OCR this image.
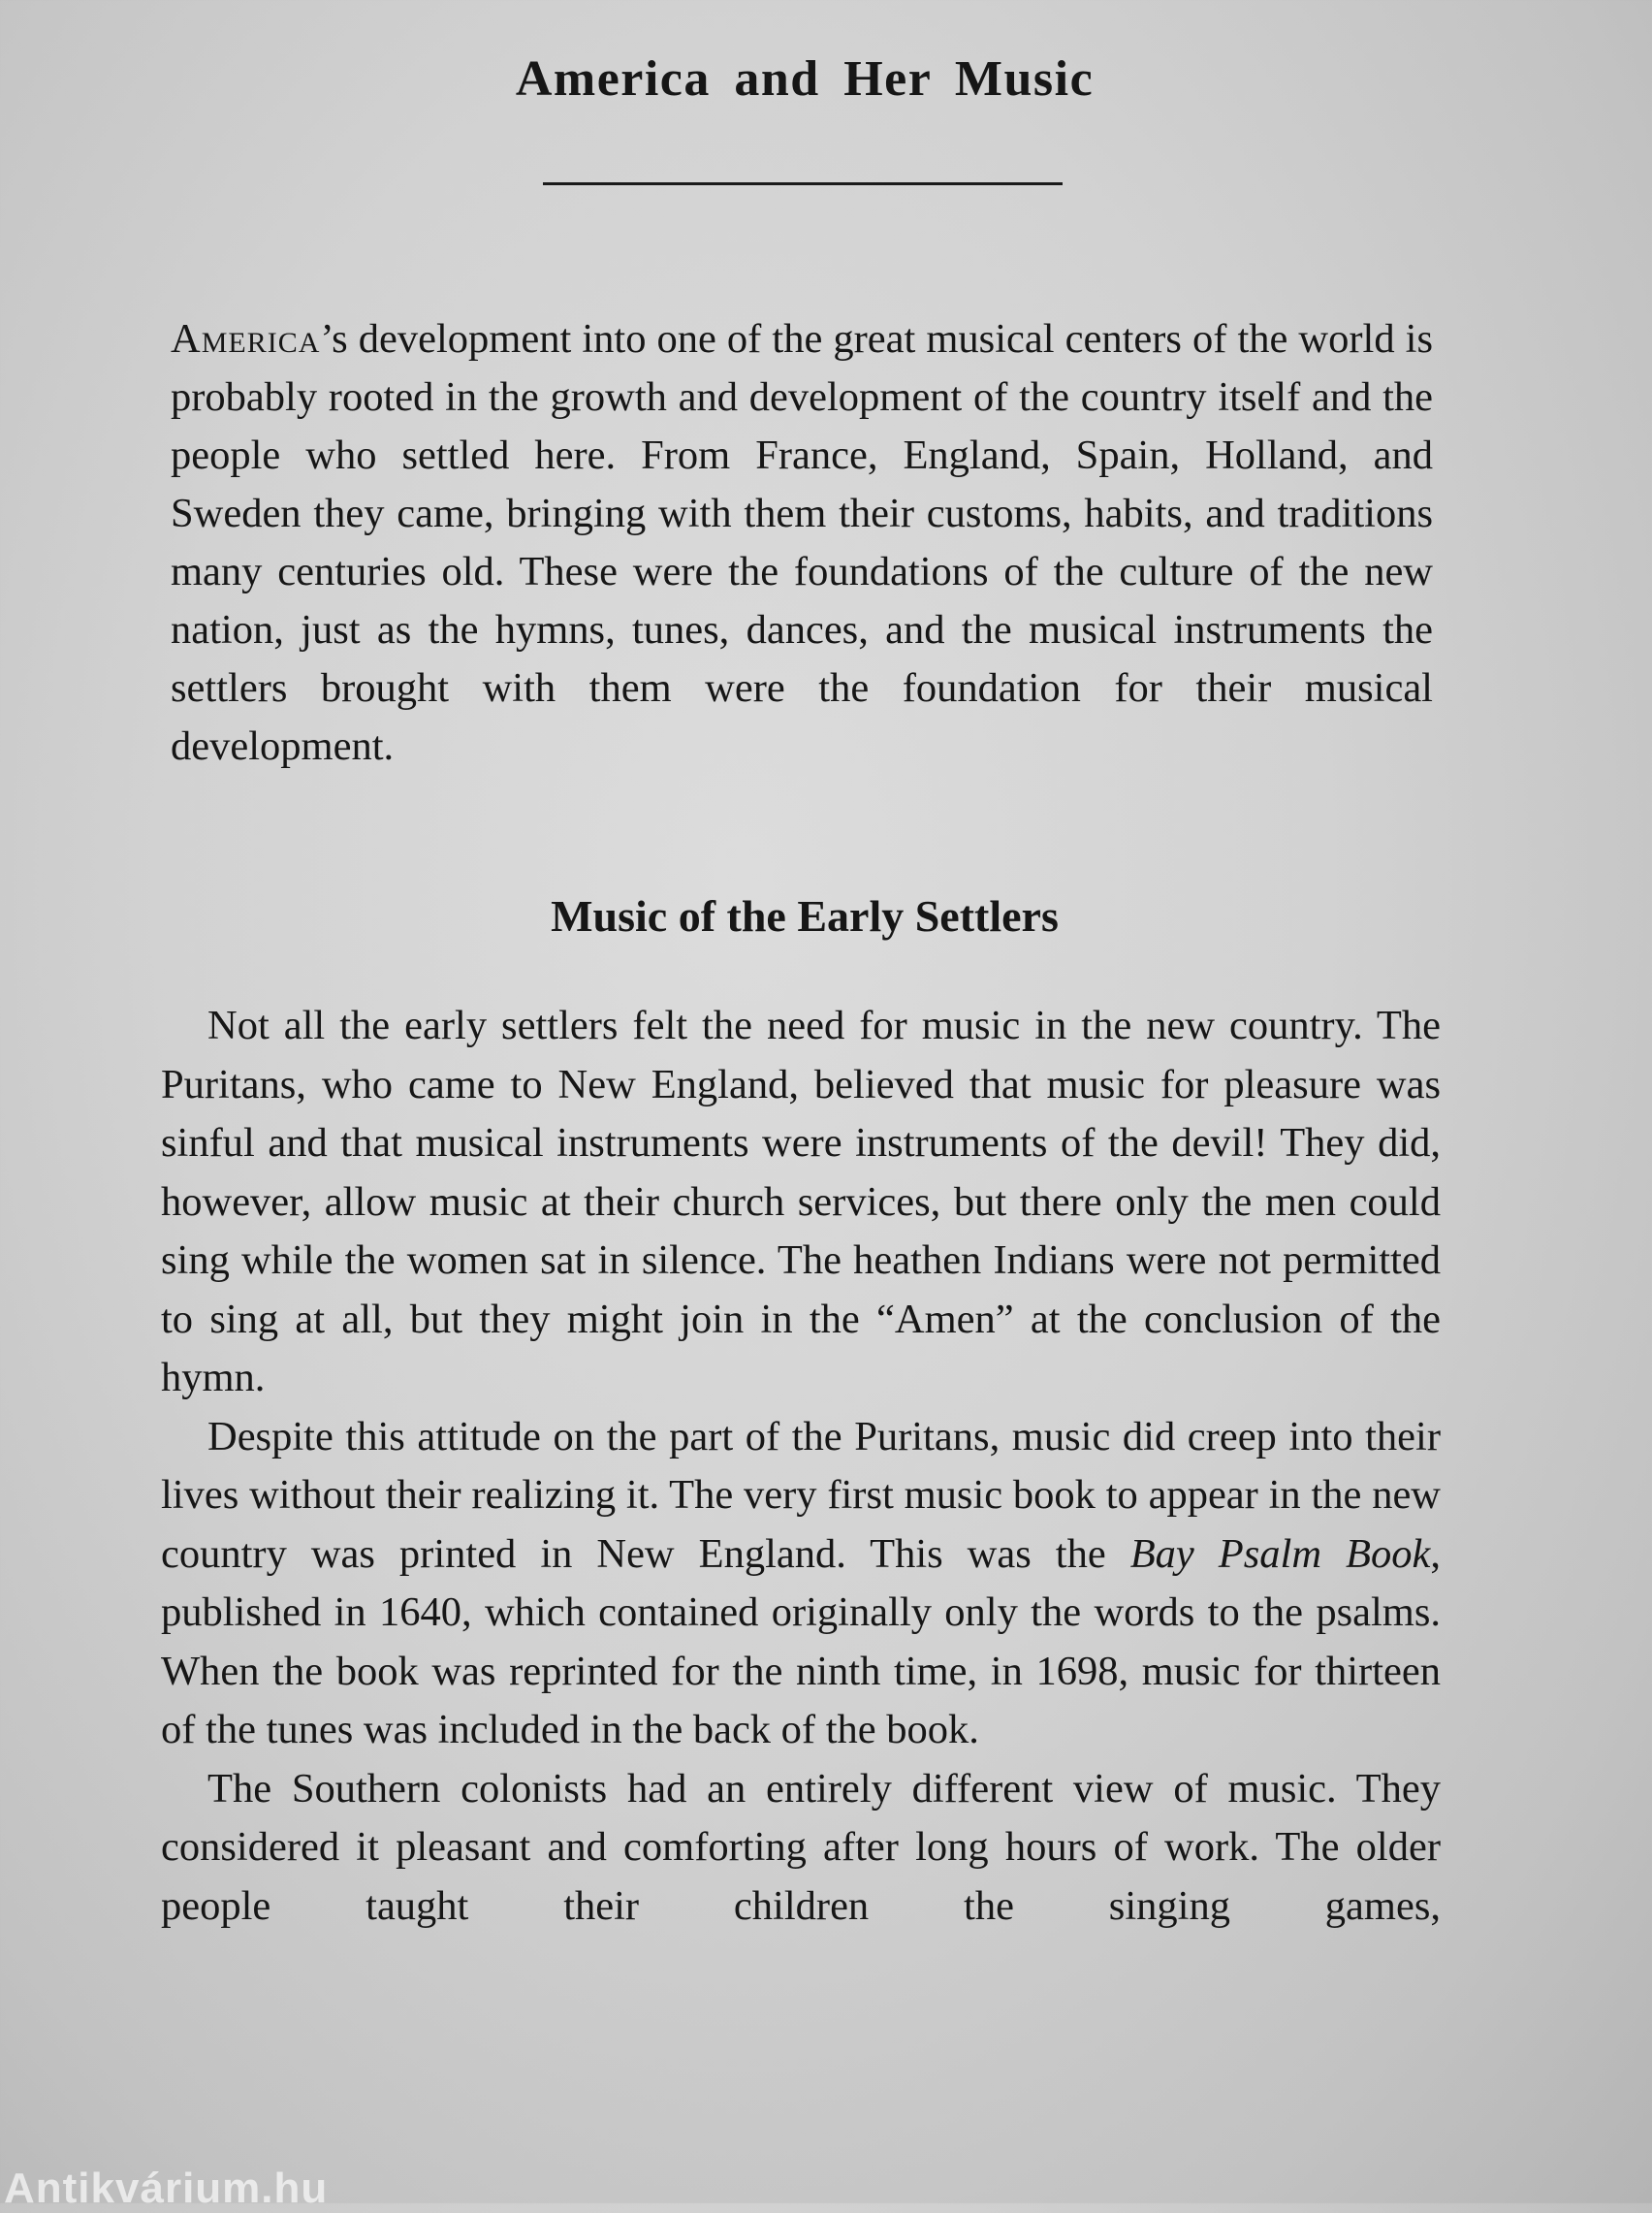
America and Her Music

America’s development into one of the great musical centers of the world is probably rooted in the growth and development of the country itself and the people who settled here. From France, England, Spain, Holland, and Sweden they came, bringing with them their customs, habits, and traditions many centuries old. These were the foundations of the culture of the new nation, just as the hymns, tunes, dances, and the musical instruments the settlers brought with them were the foundation for their musical development.

Music of the Early Settlers

Not all the early settlers felt the need for music in the new country. The Puritans, who came to New England, believed that music for pleasure was sinful and that musical instruments were instruments of the devil! They did, however, allow music at their church services, but there only the men could sing while the women sat in silence. The heathen Indians were not permitted to sing at all, but they might join in the “Amen” at the conclusion of the hymn.

Despite this attitude on the part of the Puritans, music did creep into their lives without their realizing it. The very first music book to appear in the new country was printed in New England. This was the Bay Psalm Book, published in 1640, which contained originally only the words to the psalms. When the book was reprinted for the ninth time, in 1698, music for thirteen of the tunes was included in the back of the book.

The Southern colonists had an entirely different view of music. They considered it pleasant and comforting after long hours of work. The older people taught their children the singing games,

Antikvárium.hu
